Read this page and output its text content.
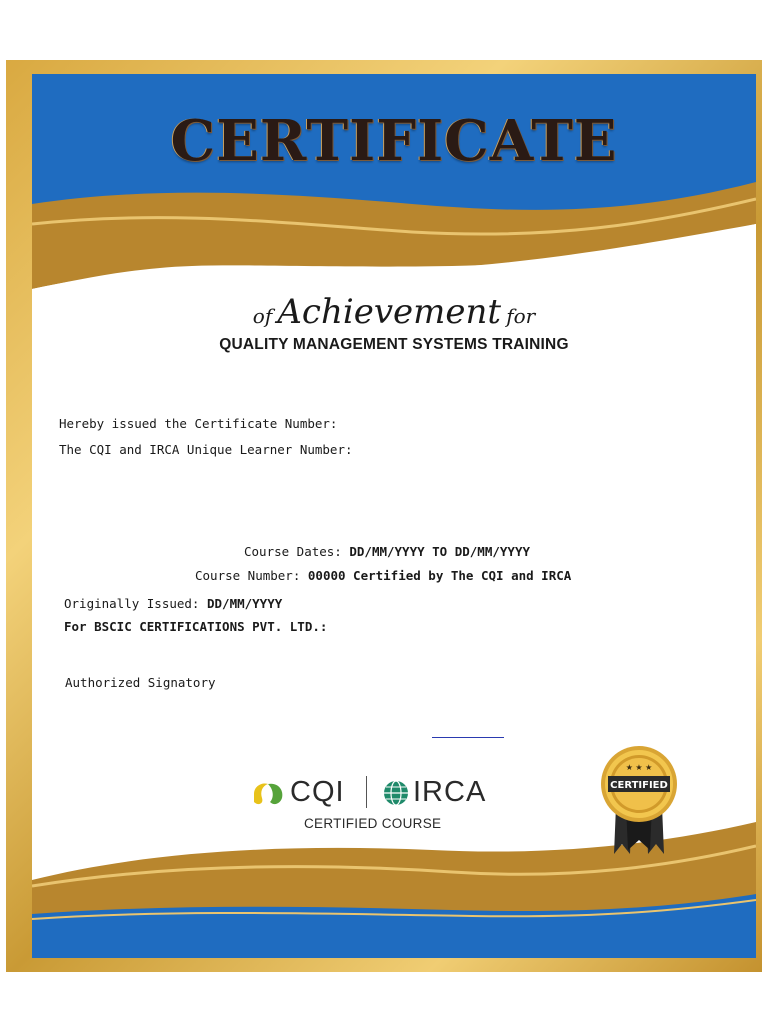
CERTIFICATE
of Achievement for
QUALITY MANAGEMENT SYSTEMS TRAINING
Hereby issued the Certificate Number:
The CQI and IRCA Unique Learner Number:
Course Dates: DD/MM/YYYY TO DD/MM/YYYY
Course Number: 00000 Certified by The CQI and IRCA
Originally Issued: DD/MM/YYYY
For BSCIC CERTIFICATIONS PVT. LTD.:
Authorized Signatory
CQI IRCA
CERTIFIED COURSE
★ ★ ★
CERTIFIED
